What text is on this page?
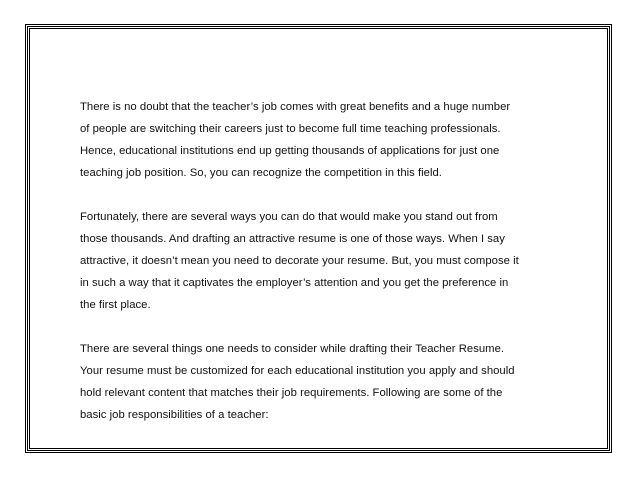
There is no doubt that the teacher’s job comes with great benefits and a huge number
of people are switching their careers just to become full time teaching professionals.
Hence, educational institutions end up getting thousands of applications for just one
teaching job position. So, you can recognize the competition in this field.

Fortunately, there are several ways you can do that would make you stand out from
those thousands. And drafting an attractive resume is one of those ways. When I say
attractive, it doesn’t mean you need to decorate your resume. But, you must compose it
in such a way that it captivates the employer’s attention and you get the preference in
the first place.

There are several things one needs to consider while drafting their Teacher Resume.
Your resume must be customized for each educational institution you apply and should
hold relevant content that matches their job requirements. Following are some of the
basic job responsibilities of a teacher:
